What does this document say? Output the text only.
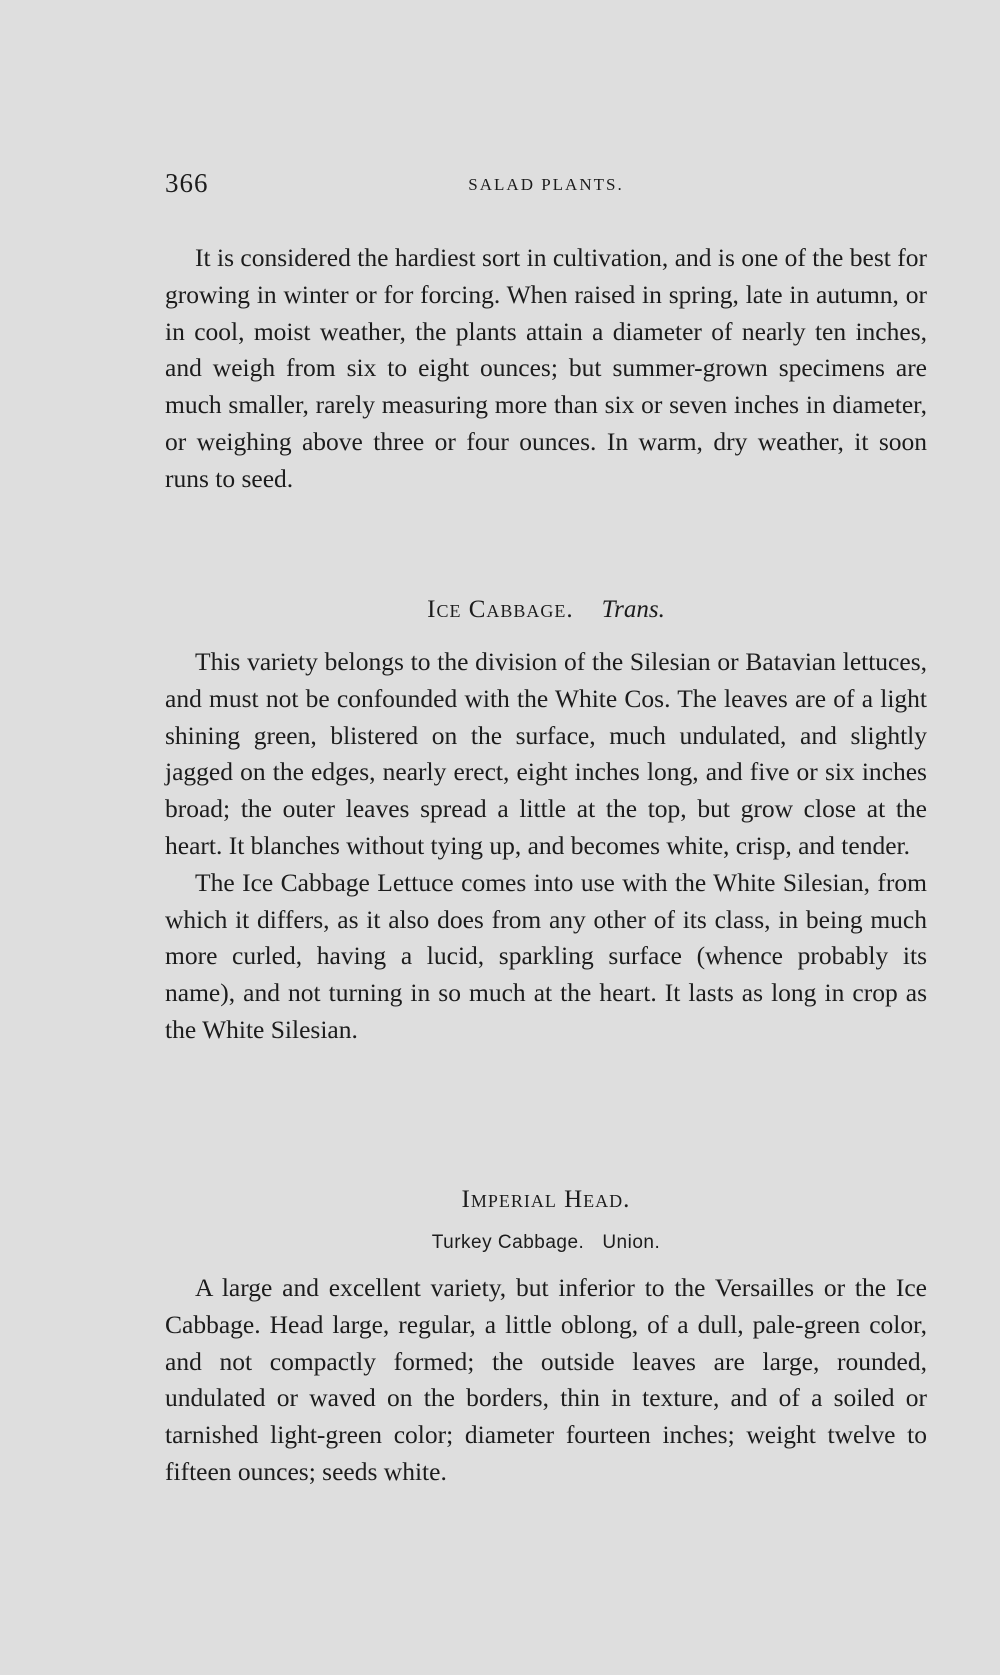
366	SALAD PLANTS.

It is considered the hardiest sort in cultivation, and is one of the best for growing in winter or for forcing. When raised in spring, late in autumn, or in cool, moist weather, the plants attain a diameter of nearly ten inches, and weigh from six to eight ounces; but summer-grown specimens are much smaller, rarely measuring more than six or seven inches in diameter, or weighing above three or four ounces. In warm, dry weather, it soon runs to seed.

Ice Cabbage. Trans.

This variety belongs to the division of the Silesian or Batavian lettuces, and must not be confounded with the White Cos. The leaves are of a light shining green, blistered on the surface, much undulated, and slightly jagged on the edges, nearly erect, eight inches long, and five or six inches broad; the outer leaves spread a little at the top, but grow close at the heart. It blanches without tying up, and becomes white, crisp, and tender.

The Ice Cabbage Lettuce comes into use with the White Silesian, from which it differs, as it also does from any other of its class, in being much more curled, having a lucid, sparkling surface (whence probably its name), and not turning in so much at the heart. It lasts as long in crop as the White Silesian.

Imperial Head.
Turkey Cabbage. Union.

A large and excellent variety, but inferior to the Versailles or the Ice Cabbage. Head large, regular, a little oblong, of a dull, pale-green color, and not compactly formed; the outside leaves are large, rounded, undulated or waved on the borders, thin in texture, and of a soiled or tarnished light-green color; diameter fourteen inches; weight twelve to fifteen ounces; seeds white.
